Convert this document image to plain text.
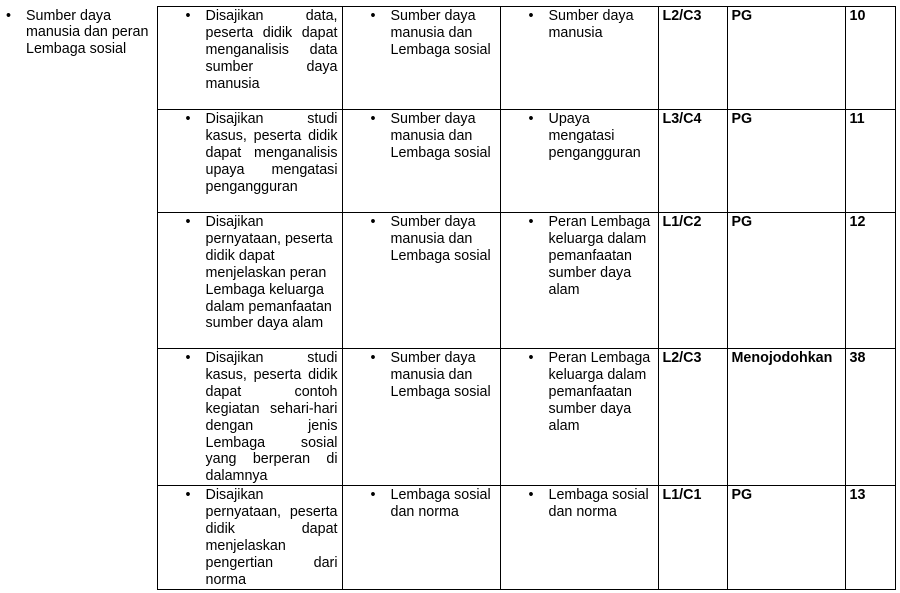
• Sumber daya manusia dan peran Lembaga sosial	• Disajikan data, peserta didik dapat menganalisis data sumber daya manusia	• Sumber daya manusia dan Lembaga sosial	• Sumber daya manusia	L2/C3	PG	10

	• Disajikan studi kasus, peserta didik dapat menganalisis upaya mengatasi pengangguran	• Sumber daya manusia dan Lembaga sosial	• Upaya mengatasi pengangguran	L3/C4	PG	11

	• Disajikan pernyataan, peserta didik dapat menjelaskan peran Lembaga keluarga dalam pemanfaatan sumber daya alam	• Sumber daya manusia dan Lembaga sosial	• Peran Lembaga keluarga dalam pemanfaatan sumber daya alam	L1/C2	PG	12

	• Disajikan studi kasus, peserta didik dapat contoh kegiatan sehari-hari dengan jenis Lembaga sosial yang berperan di dalamnya	• Sumber daya manusia dan Lembaga sosial	• Peran Lembaga keluarga dalam pemanfaatan sumber daya alam	L2/C3	Menojodohkan	38

	• Disajikan pernyataan, peserta didik dapat menjelaskan pengertian dari norma	• Lembaga sosial dan norma	• Lembaga sosial dan norma	L1/C1	PG	13
